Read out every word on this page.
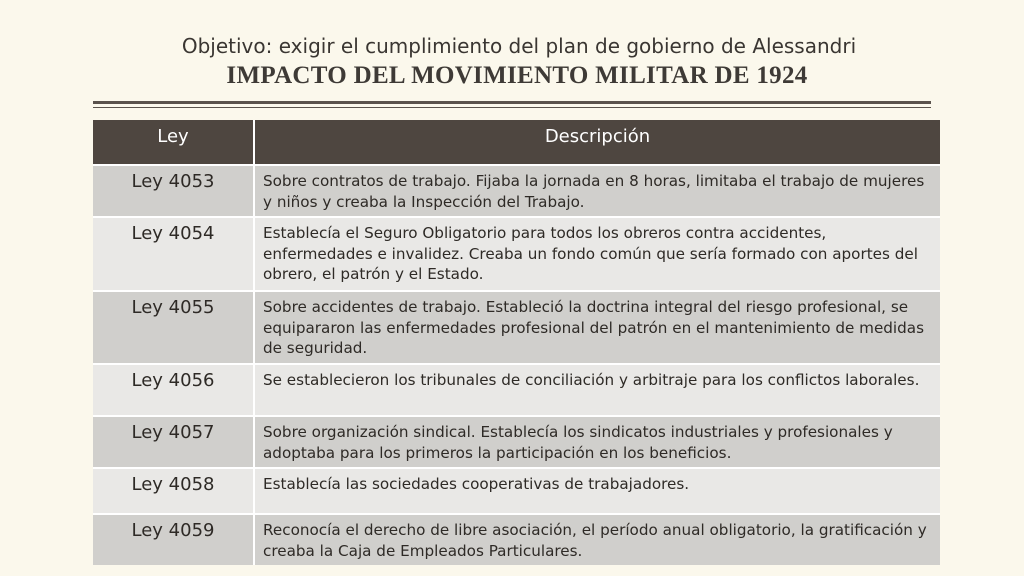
Objetivo: exigir el cumplimiento del plan de gobierno de Alessandri
IMPACTO DEL MOVIMIENTO MILITAR DE 1924
Ley	Descripción
Ley 4053	Sobre contratos de trabajo. Fijaba la jornada en 8 horas, limitaba el trabajo de mujeres y niños y creaba la Inspección del Trabajo.
Ley 4054	Establecía el Seguro Obligatorio para todos los obreros contra accidentes, enfermedades e invalidez. Creaba un fondo común que sería formado con aportes del obrero, el patrón y el Estado.
Ley 4055	Sobre accidentes de trabajo. Estableció la doctrina integral del riesgo profesional, se equipararon las enfermedades profesional del patrón en el mantenimiento de medidas de seguridad.
Ley 4056	Se establecieron los tribunales de conciliación y arbitraje para los conflictos laborales.
Ley 4057	Sobre organización sindical. Establecía los sindicatos industriales y profesionales y adoptaba para los primeros la participación en los beneficios.
Ley 4058	Establecía las sociedades cooperativas de trabajadores.
Ley 4059	Reconocía el derecho de libre asociación, el período anual obligatorio, la gratificación y creaba la Caja de Empleados Particulares.
